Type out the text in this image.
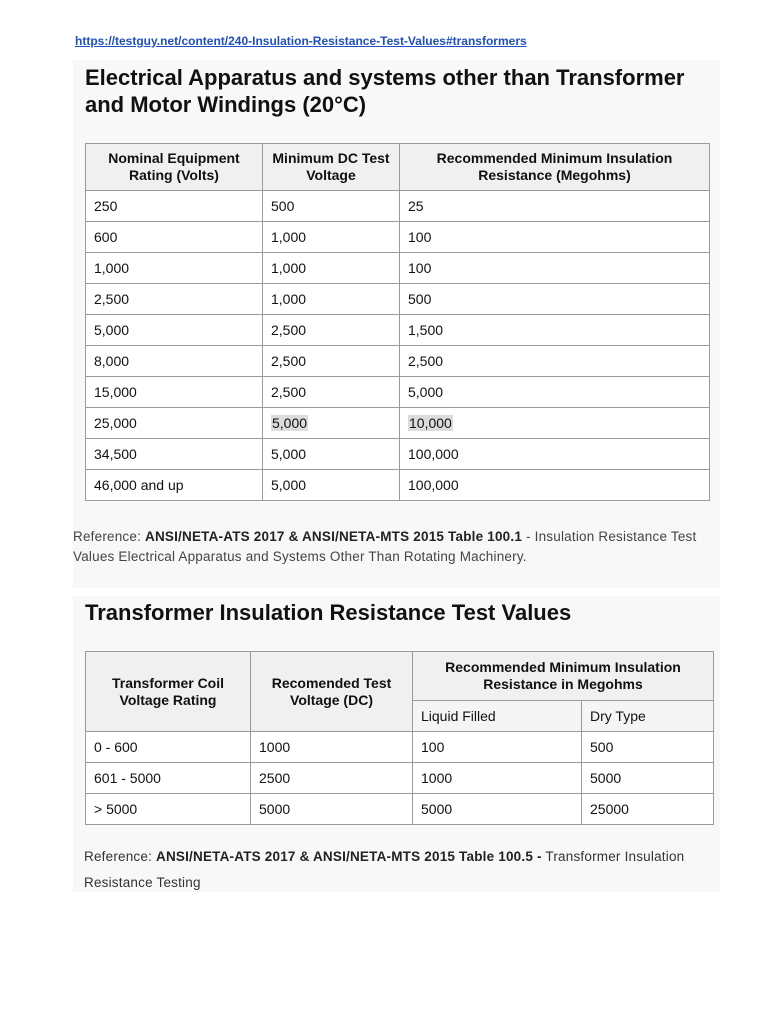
https://testguy.net/content/240-Insulation-Resistance-Test-Values#transformers
Electrical Apparatus and systems other than Transformer and Motor Windings (20°C)
Nominal Equipment Rating (Volts)	Minimum DC Test Voltage	Recommended Minimum Insulation Resistance (Megohms)
250	500	25
600	1,000	100
1,000	1,000	100
2,500	1,000	500
5,000	2,500	1,500
8,000	2,500	2,500
15,000	2,500	5,000
25,000	5,000	10,000
34,500	5,000	100,000
46,000 and up	5,000	100,000
Reference: ANSI/NETA-ATS 2017 & ANSI/NETA-MTS 2015 Table 100.1 - Insulation Resistance Test Values Electrical Apparatus and Systems Other Than Rotating Machinery.
Transformer Insulation Resistance Test Values
Transformer Coil Voltage Rating	Recomended Test Voltage (DC)	Recommended Minimum Insulation Resistance in Megohms	
		Liquid Filled	Dry Type
0 - 600	1000	100	500
601 - 5000	2500	1000	5000
> 5000	5000	5000	25000
Reference: ANSI/NETA-ATS 2017 & ANSI/NETA-MTS 2015 Table 100.5 - Transformer Insulation Resistance Testing
